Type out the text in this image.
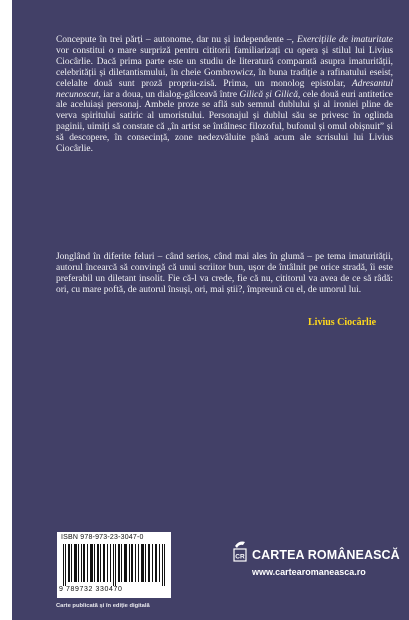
Concepute în trei părți – autonome, dar nu și independente –, Exercițiile de imaturitate vor constitui o mare surpriză pentru cititorii familiarizați cu opera și stilul lui Livius Ciocârlie. Dacă prima parte este un studiu de literatură comparată asupra imaturității, celebrității și diletantismului, în cheie Gombrowicz, în buna tradiție a rafinatului eseist, celelalte două sunt proză propriu-zisă. Prima, un monolog epistolar, Adresantul necunoscut, iar a doua, un dialog-gâlceavă între Gilică și Gilică, cele două euri antitetice ale aceluiași personaj. Ambele proze se află sub semnul dublului și al ironiei pline de verva spiritului satiric al umoristului. Personajul și dublul său se privesc în oglinda paginii, uimiți să constate că „în artist se întâlnesc filozoful, bufonul și omul obișnuit” și să descopere, în consecință, zone nedezvăluite până acum ale scrisului lui Livius Ciocârlie.

Jonglând în diferite feluri – când serios, când mai ales în glumă – pe tema imaturității, autorul încearcă să convingă că unui scriitor bun, ușor de întâlnit pe orice stradă, îi este preferabil un diletant insolit. Fie că-l va crede, fie că nu, cititorul va avea de ce să râdă: ori, cu mare poftă, de autorul însuși, ori, mai știi?, împreună cu el, de umorul lui.

Livius Ciocârlie
ISBN 978-973-23-3047-0
9 789732 330470
Carte publicată și în ediție digitală
CR CARTEA ROMÂNEASCĂ
www.cartearomaneasca.ro
